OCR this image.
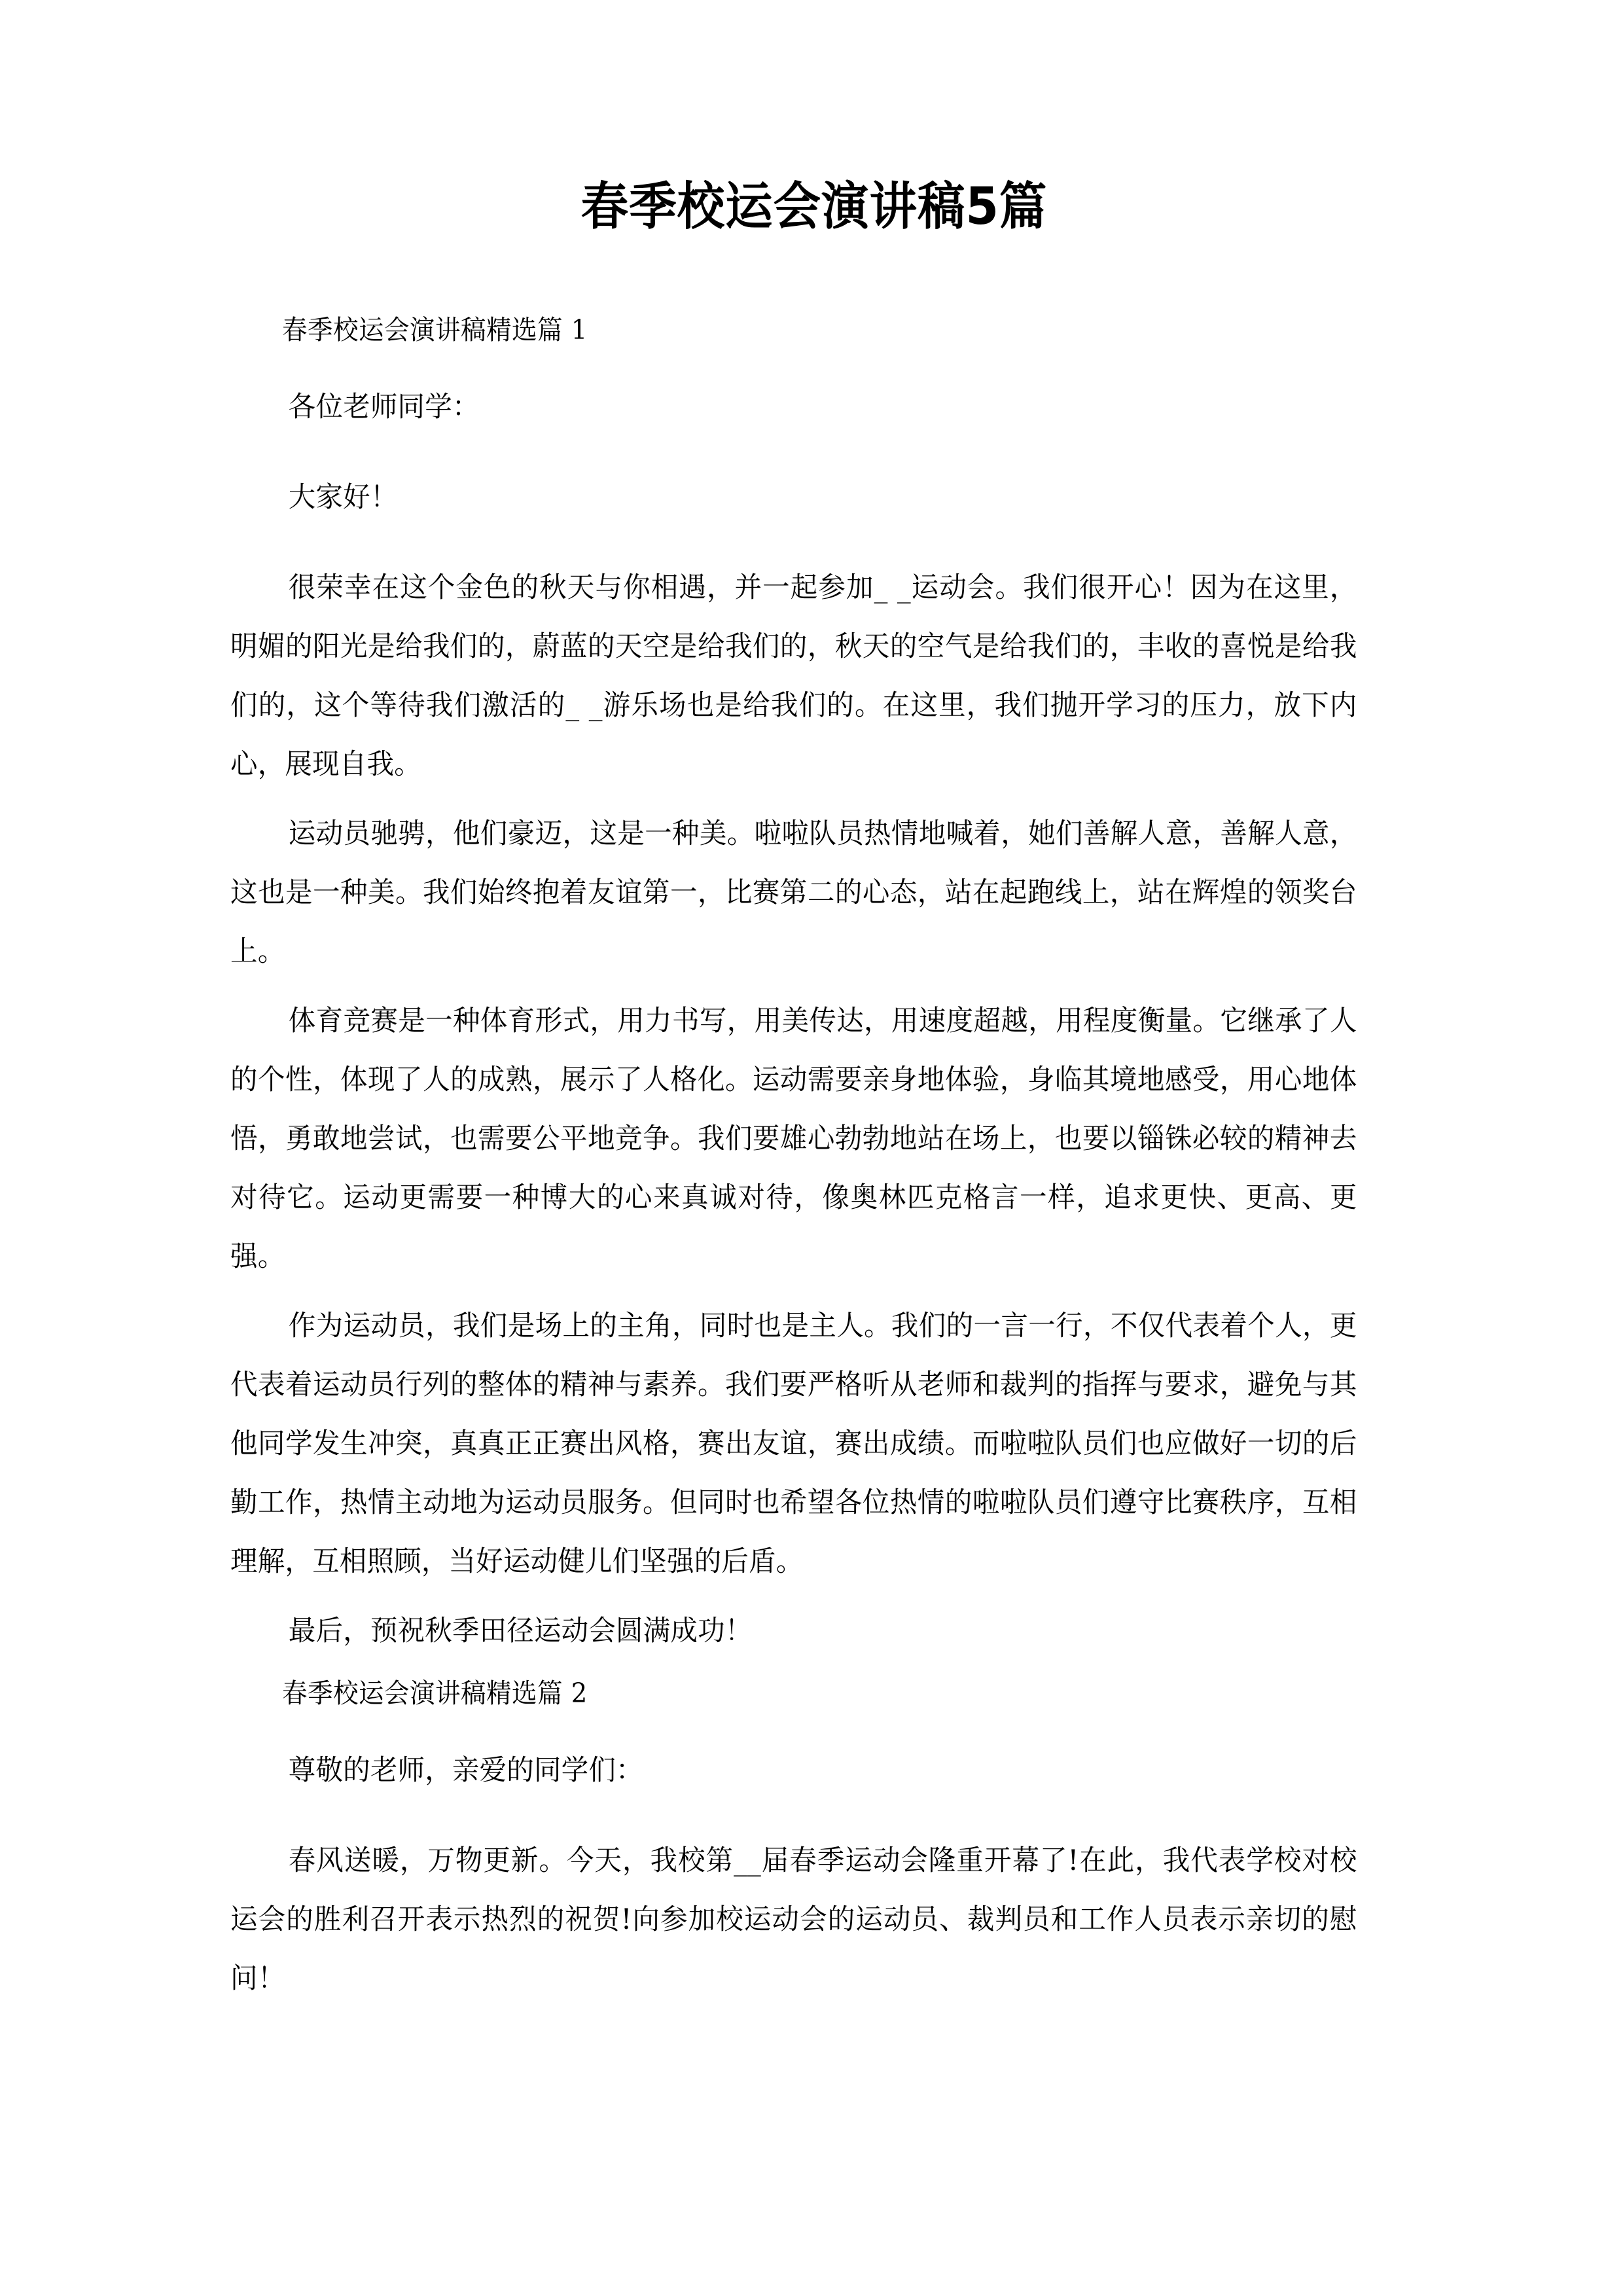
春季校运会演讲稿5篇

春季校运会演讲稿精选篇 1

各位老师同学：

大家好！

很荣幸在这个金色的秋天与你相遇，并一起参加_ _运动会。我们很开心！因为在这里，明媚的阳光是给我们的，蔚蓝的天空是给我们的，秋天的空气是给我们的，丰收的喜悦是给我们的，这个等待我们激活的_ _游乐场也是给我们的。在这里，我们抛开学习的压力，放下内心，展现自我。

运动员驰骋，他们豪迈，这是一种美。啦啦队员热情地喊着，她们善解人意，善解人意，这也是一种美。我们始终抱着友谊第一，比赛第二的心态，站在起跑线上，站在辉煌的领奖台上。

体育竞赛是一种体育形式，用力书写，用美传达，用速度超越，用程度衡量。它继承了人的个性，体现了人的成熟，展示了人格化。运动需要亲身地体验，身临其境地感受，用心地体悟，勇敢地尝试，也需要公平地竞争。我们要雄心勃勃地站在场上，也要以锱铢必较的精神去对待它。运动更需要一种博大的心来真诚对待，像奥林匹克格言一样，追求更快、更高、更强。

作为运动员，我们是场上的主角，同时也是主人。我们的一言一行，不仅代表着个人，更代表着运动员行列的整体的精神与素养。我们要严格听从老师和裁判的指挥与要求，避免与其他同学发生冲突，真真正正赛出风格，赛出友谊，赛出成绩。而啦啦队员们也应做好一切的后勤工作，热情主动地为运动员服务。但同时也希望各位热情的啦啦队员们遵守比赛秩序，互相理解，互相照顾，当好运动健儿们坚强的后盾。

最后，预祝秋季田径运动会圆满成功！

春季校运会演讲稿精选篇 2

尊敬的老师，亲爱的同学们：

春风送暖，万物更新。今天，我校第__届春季运动会隆重开幕了!在此，我代表学校对校运会的胜利召开表示热烈的祝贺!向参加校运动会的运动员、裁判员和工作人员表示亲切的慰问！
